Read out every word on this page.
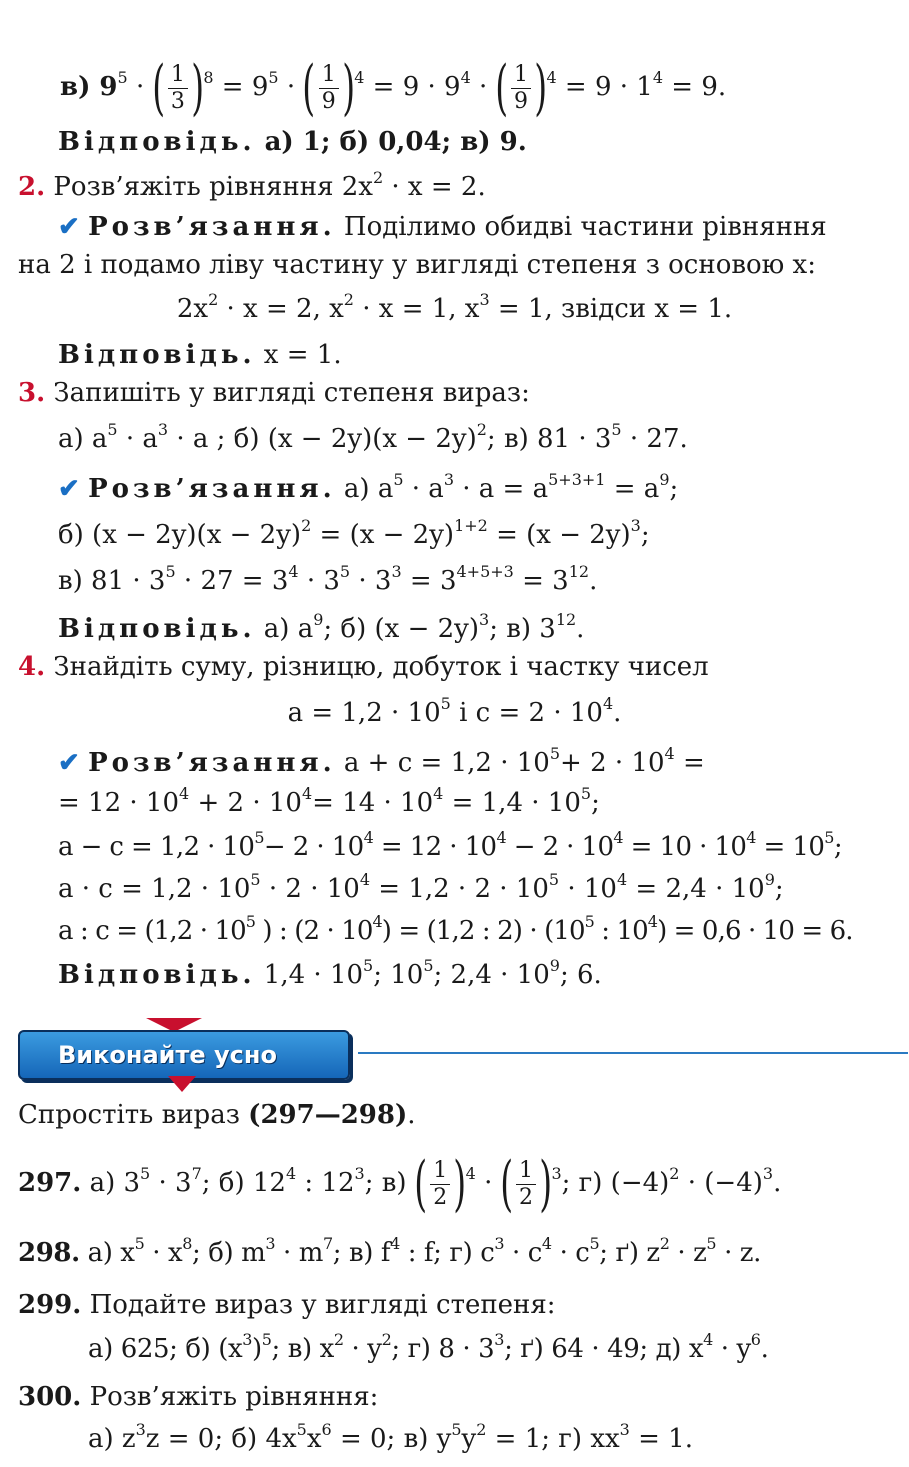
в) $9^5$ · ( $\frac{1}{3} )^8 = 9^5$ · ( $\frac{1}{9} )^4 = 9 \cdot 9^4$ · ( $\frac{1}{9} )^4 = 9 \cdot 1^4 = 9$.
Відповідь. а) 1; б) 0,04; в) 9.
2. Розв’яжіть рівняння $2x^2 \cdot x = 2$.
✔ Розв’язання. Поділимо обидві частини рівняння
на 2 і подамо ліву частину у вигляді степеня з основою x:
$2x^2 \cdot x = 2$, $x^2 \cdot x = 1$, $x^3 = 1$, звідси x = 1.
Відповідь. x = 1.
3. Запишіть у вигляді степеня вираз:
а) $a^5 \cdot a^3 \cdot a$ ; б) $(x - 2y)(x - 2y)^2$; в) $81 \cdot 3^5 \cdot 27$.
✔ Розв’язання. а) $a^5 \cdot a^3 \cdot a = a^{5+3+1} = a^9$;
б) $(x - 2y)(x - 2y)^2 = (x - 2y)^{1+2} = (x - 2y)^3$;
в) $81 \cdot 3^5 \cdot 27 = 3^4 \cdot 3^5 \cdot 3^3 = 3^{4+5+3} = 3^{12}$.
Відповідь. а) $a^9$; б) $(x - 2y)^3$; в) $3^{12}$.
4. Знайдіть суму, різницю, добуток і частку чисел
$a = 1,2 \cdot 10^5$ і $c = 2 \cdot 10^4$.
✔ Розв’язання. $a + c = 1,2 \cdot 10^5+ 2 \cdot 10^4$ =
= $12 \cdot 10^4 + 2 \cdot 10^4= 14 \cdot 10^4 = 1,4 \cdot 10^5$;
$a - c = 1,2 \cdot 10^5- 2 \cdot 10^4 = 12 \cdot 10^4 - 2 \cdot 10^4 = 10 \cdot 10^4 = 10^5$;
$a \cdot c = 1,2 \cdot 10^5 \cdot 2 \cdot 10^4 = 1,2 \cdot 2 \cdot 10^5 \cdot 10^4 = 2,4 \cdot 10^9$;
a : $c = (1,2 \cdot 10^5$ ) : $(2 \cdot 10^4) = (1,2$ : $2) \cdot (10^5$ : $10^4) = 0,6 \cdot 10 = 6$.
Відповідь. $1,4 \cdot 10^5$; $10^5$; $2,4 \cdot 10^9$; 6.
Виконайте усно
Спростіть вираз (297—298).
297. а) $3^5 \cdot 3^7$; б) $12^4$ : $12^3$; в) ( $\frac{1}{2} )^4$ · ( $\frac{1}{2} )^3$; г) $(-4)^2 \cdot (-4)^3$.
298. а) $x^5 \cdot x^8$; б) $m^3 \cdot m^7$; в) $f^4$ : f; г) $c^3 \cdot c^4 \cdot c^5$; ґ) $z^2 \cdot z^5 \cdot z$.
299. Подайте вираз у вигляді степеня:
а) 625; б) $(x^3)^5$; в) $x^2 \cdot y^2$; г) $8 \cdot 3^3$; ґ) 64 · 49; д) $x^4 \cdot y^6$.
300. Розв’яжіть рівняння:
а) $z^3z = 0$; б) $4x^5x^6 = 0$; в) $y^5y^2 = 1$; г) $xx^3 = 1$.
